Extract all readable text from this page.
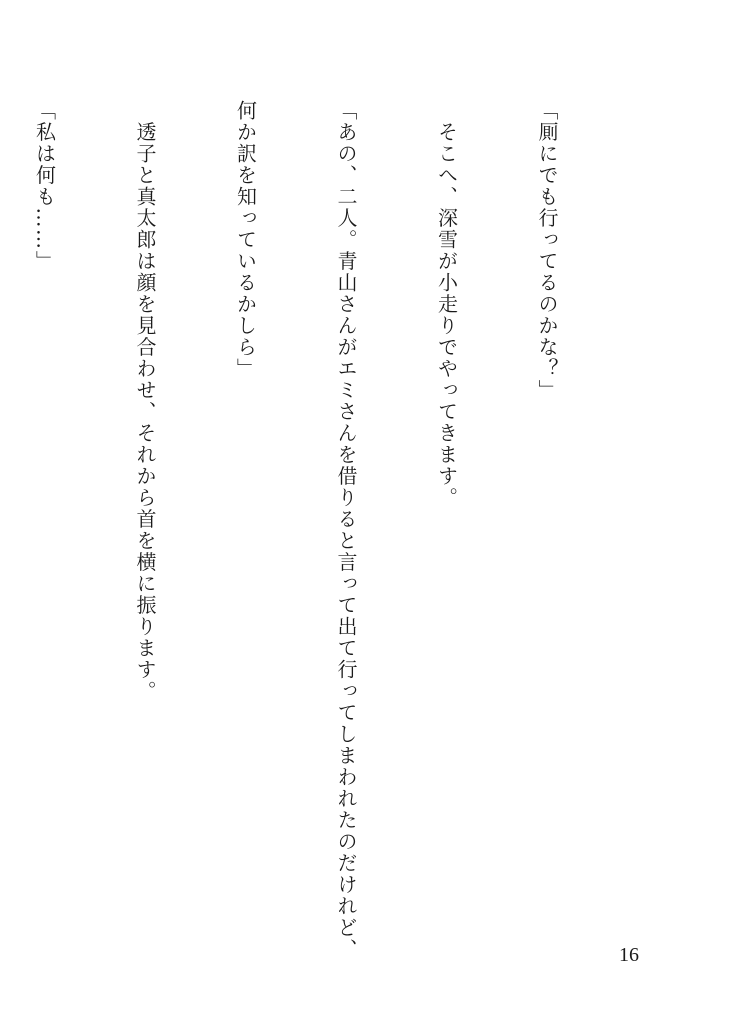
「厠にでも行ってるのかな？」

　そこへ、深雪が小走りでやってきます。

「あの、二人。青山さんがエミさんを借りると言って出て行ってしまわれたのだけれど、

何か訳を知っているかしら」

　透子と真太郎は顔を見合わせ、それから首を横に振ります。

「私は何も……」

16
